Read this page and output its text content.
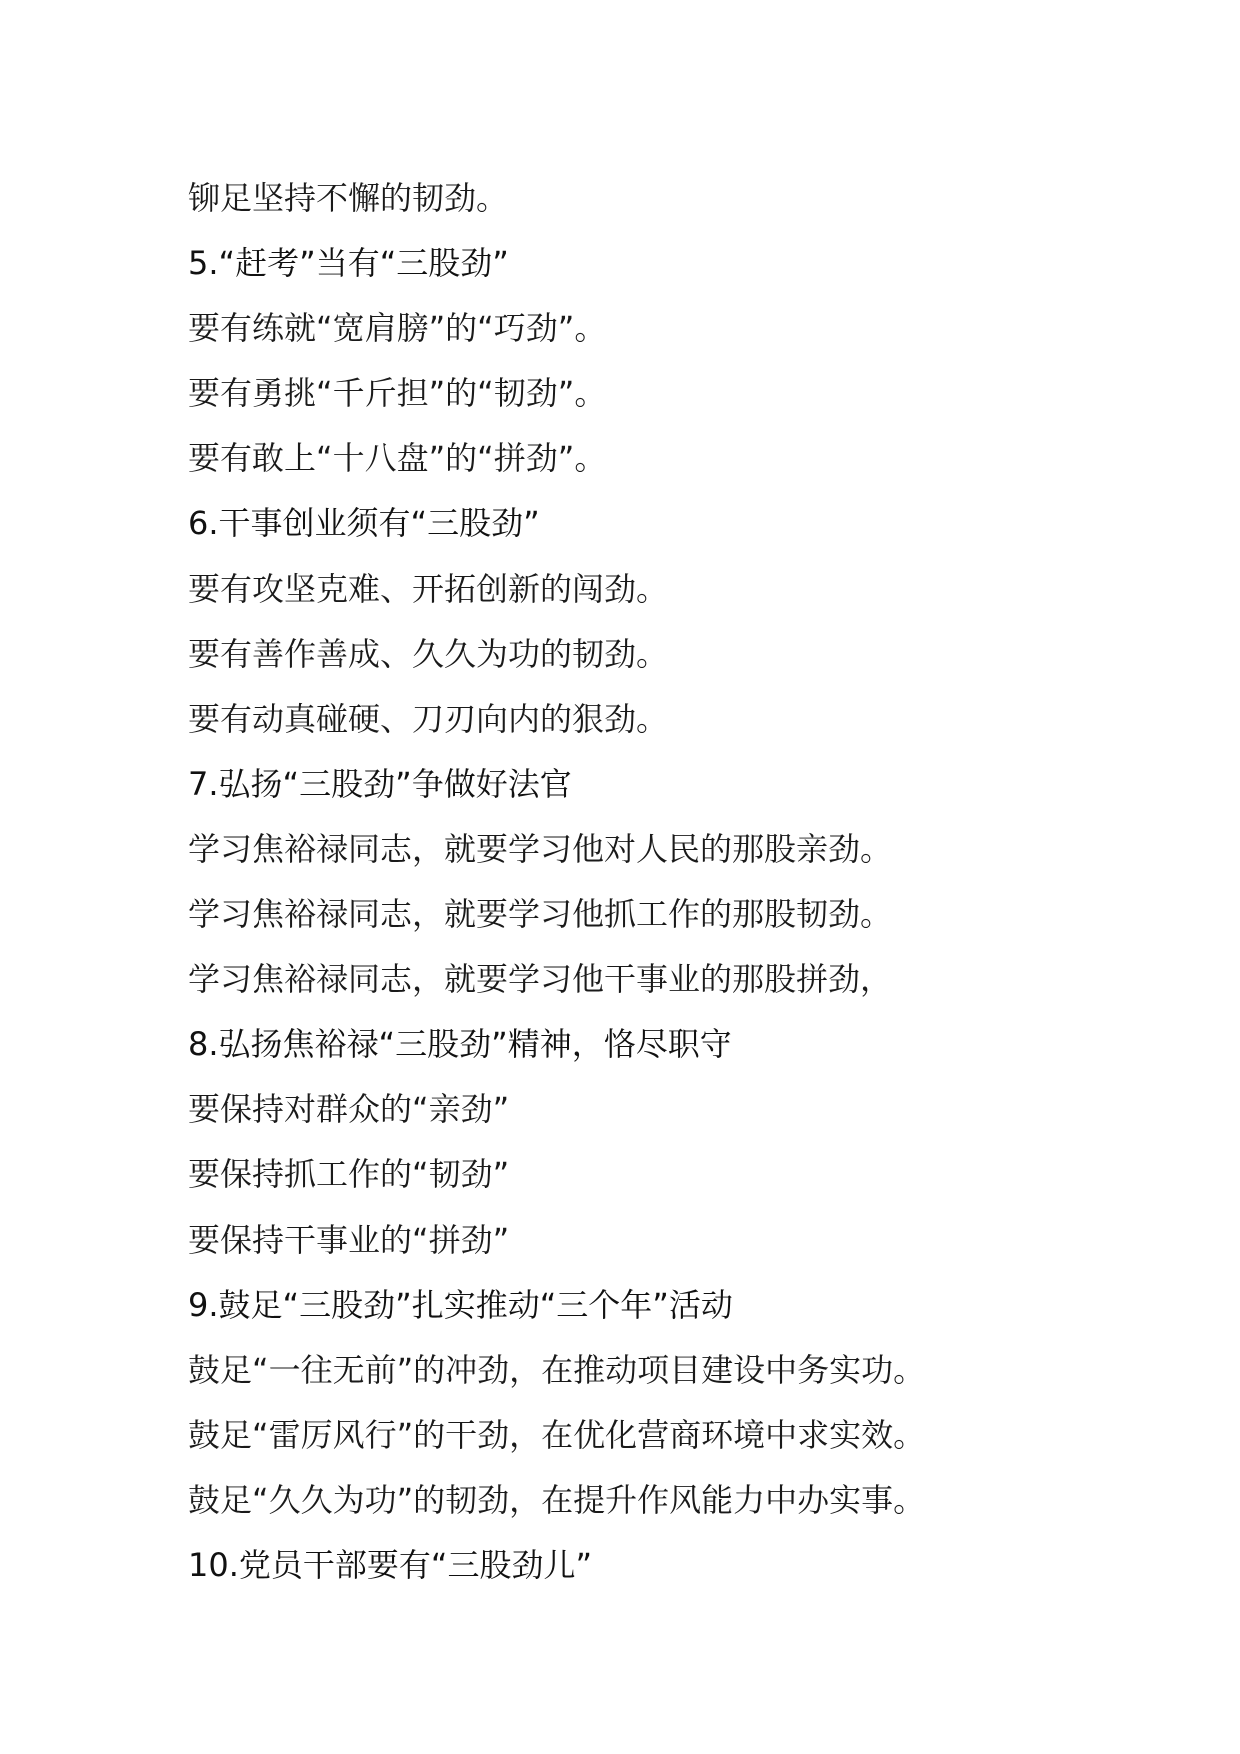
铆足坚持不懈的韧劲。
5.“赶考”当有“三股劲”
要有练就“宽肩膀”的“巧劲”。
要有勇挑“千斤担”的“韧劲”。
要有敢上“十八盘”的“拼劲”。
6.干事创业须有“三股劲”
要有攻坚克难、开拓创新的闯劲。
要有善作善成、久久为功的韧劲。
要有动真碰硬、刀刃向内的狠劲。
7.弘扬“三股劲”争做好法官
学习焦裕禄同志，就要学习他对人民的那股亲劲。
学习焦裕禄同志，就要学习他抓工作的那股韧劲。
学习焦裕禄同志，就要学习他干事业的那股拼劲，
8.弘扬焦裕禄“三股劲”精神，恪尽职守
要保持对群众的“亲劲”
要保持抓工作的“韧劲”
要保持干事业的“拼劲”
9.鼓足“三股劲”扎实推动“三个年”活动
鼓足“一往无前”的冲劲，在推动项目建设中务实功。
鼓足“雷厉风行”的干劲，在优化营商环境中求实效。
鼓足“久久为功”的韧劲，在提升作风能力中办实事。
10.党员干部要有“三股劲儿”
